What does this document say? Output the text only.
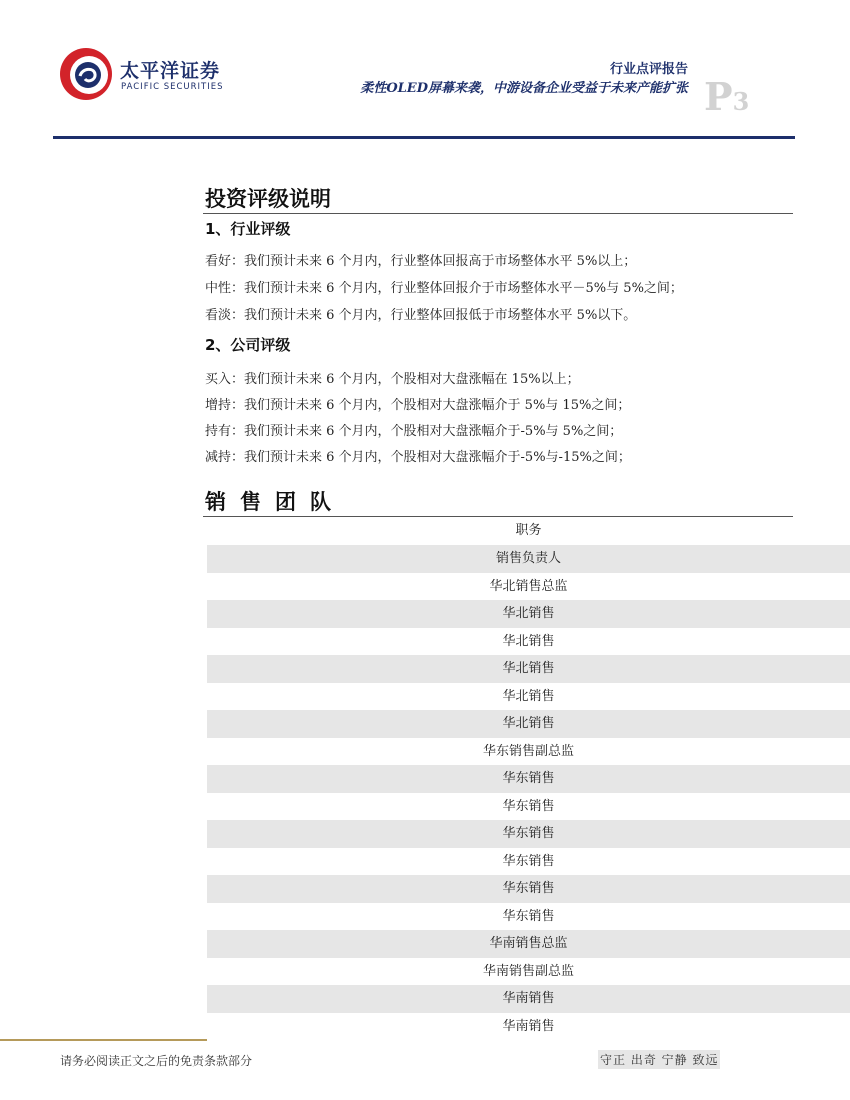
太平洋证券
PACIFIC SECURITIES
行业点评报告
柔性OLED屏幕来袭，中游设备企业受益于未来产能扩张 P3
投资评级说明
1、行业评级
看好：我们预计未来 6 个月内，行业整体回报高于市场整体水平 5%以上；
中性：我们预计未来 6 个月内，行业整体回报介于市场整体水平－5%与 5%之间；
看淡：我们预计未来 6 个月内，行业整体回报低于市场整体水平 5%以下。
2、公司评级
买入：我们预计未来 6 个月内，个股相对大盘涨幅在 15%以上；
增持：我们预计未来 6 个月内，个股相对大盘涨幅介于 5%与 15%之间；
持有：我们预计未来 6 个月内，个股相对大盘涨幅介于-5%与 5%之间；
减持：我们预计未来 6 个月内，个股相对大盘涨幅介于-5%与-15%之间；
销售团队
职务
销售负责人
华北销售总监
华北销售
华北销售
华北销售
华北销售
华北销售
华东销售副总监
华东销售
华东销售
华东销售
华东销售
华东销售
华东销售
华南销售总监
华南销售副总监
华南销售
华南销售
请务必阅读正文之后的免责条款部分	守正 出奇 宁静 致远
